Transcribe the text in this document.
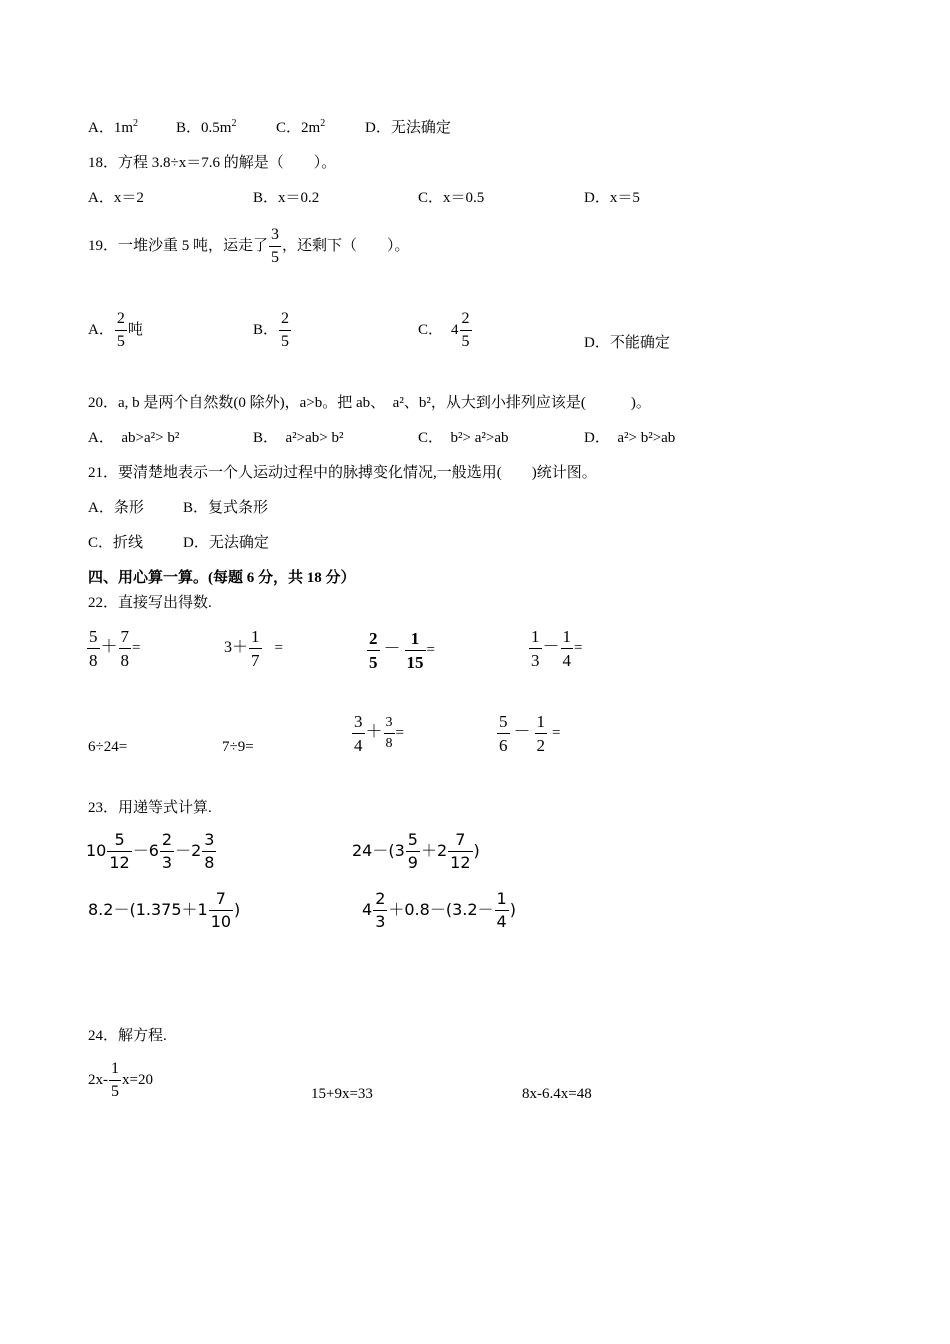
A．$1m^2$	B．$0.5m^2$	C．$2m^2$	D．无法确定
18．方程 3.8÷x＝7.6 的解是（　　）。
A．x＝2	B．x＝0.2	C．x＝0.5	D．x＝5
19．一堆沙重 5 吨，运走了 $\frac{3}{5}$ ，还剩下（　　）。
A． $\frac{2}{5}$ 吨	B． $\frac{2}{5}$	C． $4 \frac{2}{5}$	D．不能确定
20．a, b 是两个自然数(0 除外)，a>b。把 ab、　a²、b²，从大到小排列应该是(　　　)。
A．　ab>a²> b²	B．　a²>ab> b²	C．　b²> a²>ab	D．　a²> b²>ab
21．要清楚地表示一个人运动过程中的脉搏变化情况,一般选用(　　)统计图。
A．条形	B．复式条形
C．折线	D．无法确定
四、用心算一算。(每题 6 分，共 18 分）
22．直接写出得数.
$\frac{5}{8} + \frac{7}{8}$ =	$3+ \frac{1}{7}$ =	$\frac{2}{5} - \frac{1}{15}$ =	$\frac{1}{3} - \frac{1}{4}$ =
6÷24=	7÷9=	$\frac{3}{4} + \frac{3}{8}$ =	$\frac{5}{6} - \frac{1}{2}$ =
23．用递等式计算.
$10 \frac{5}{12} -6 \frac{2}{3} -2 \frac{3}{8}$	$24-(3 \frac{5}{9} +2 \frac{7}{12}$ )
$8.2-(1.375+1 \frac{7}{10}$ )	$4 \frac{2}{3} +0.8-(3.2- \frac{1}{4}$ )
24．解方程.
$2x- \frac{1}{5} x=20$
15+9x=33	8x-6.4x=48
